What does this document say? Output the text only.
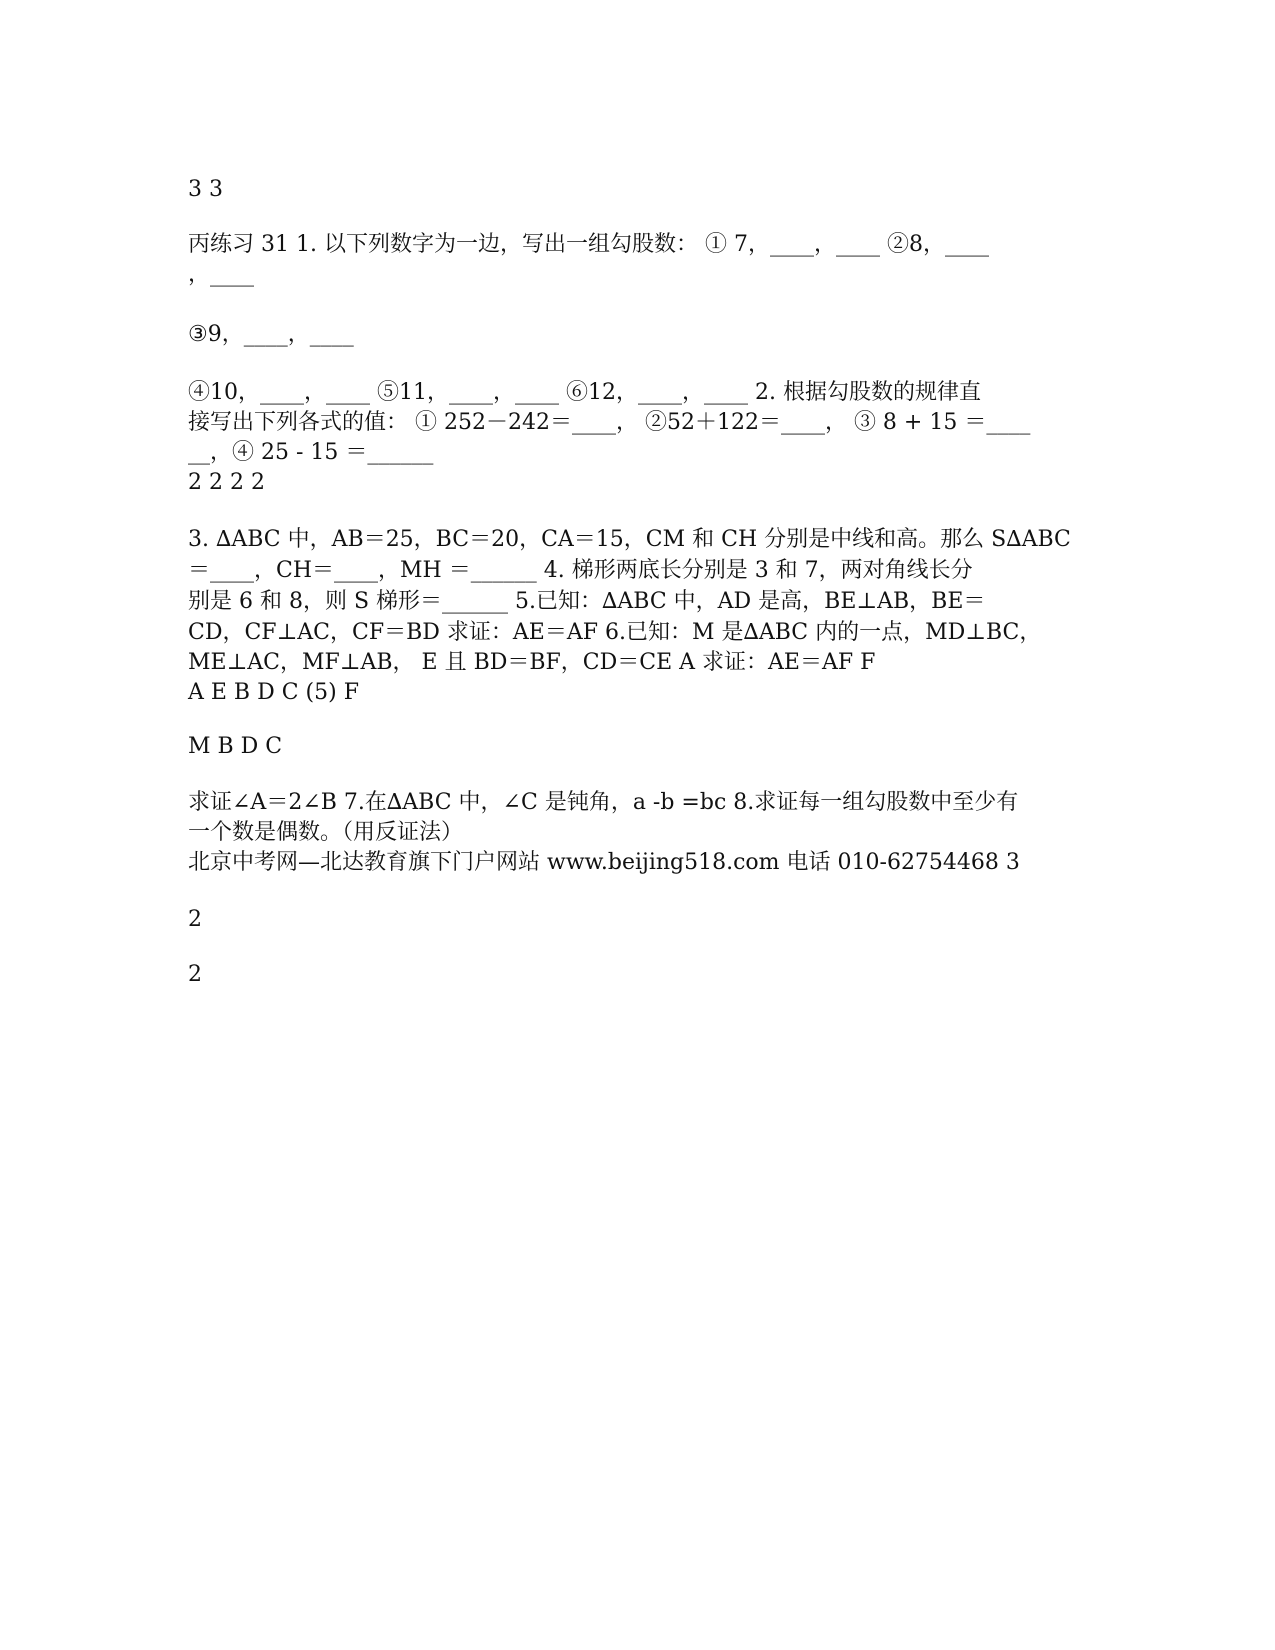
3 3
丙练习 31 1. 以下列数字为一边，写出一组勾股数： ① 7，____，____ ②8，____
，____
③9，____，____
④10，____，____ ⑤11，____，____ ⑥12，____，____ 2. 根据勾股数的规律直
接写出下列各式的值： ① 252－242＝____， ②52＋122＝____， ③ 8 + 15 ＝____
__，④ 25 - 15 ＝______
2 2 2 2
3. ∆ABC 中，AB＝25，BC＝20，CA＝15，CM 和 CH 分别是中线和高。那么 S∆ABC
＝____，CH＝____，MH ＝______ 4. 梯形两底长分别是 3 和 7，两对角线长分
别是 6 和 8，则 S 梯形＝______ 5.已知：∆ABC 中，AD 是高，BE⊥AB，BE＝
CD，CF⊥AC，CF＝BD 求证：AE＝AF 6.已知：M 是∆ABC 内的一点，MD⊥BC，
ME⊥AC，MF⊥AB， E 且 BD＝BF，CD＝CE A 求证：AE＝AF F
A E B D C (5) F
M B D C
求证∠A＝2∠B 7.在∆ABC 中，∠C 是钝角，a -b =bc 8.求证每一组勾股数中至少有
一个数是偶数。（用反证法）
北京中考网—北达教育旗下门户网站 www.beijing518.com 电话 010-62754468 3
2
2
